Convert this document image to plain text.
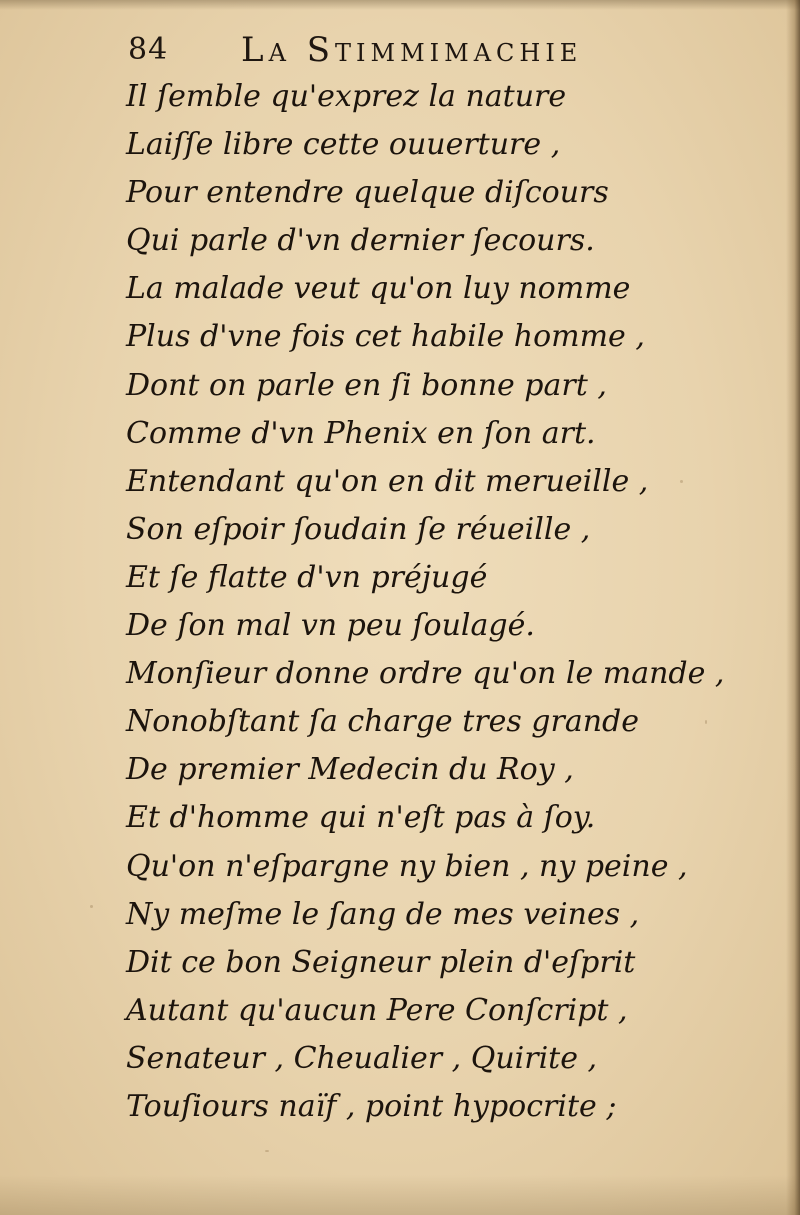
84 La Stimmimachie
Il ſemble qu'exprez la nature
Laiſſe libre cette ouuerture ,
Pour entendre quelque diſcours
Qui parle d'vn dernier ſecours.
La malade veut qu'on luy nomme
Plus d'vne fois cet habile homme ,
Dont on parle en ſi bonne part ,
Comme d'vn Phenix en ſon art.
Entendant qu'on en dit merueille ,
Son eſpoir ſoudain ſe réueille ,
Et ſe flatte d'vn préjugé
De ſon mal vn peu ſoulagé.
Monſieur donne ordre qu'on le mande ,
Nonobſtant ſa charge tres grande
De premier Medecin du Roy ,
Et d'homme qui n'eſt pas à ſoy.
Qu'on n'eſpargne ny bien , ny peine ,
Ny meſme le ſang de mes veines ,
Dit ce bon Seigneur plein d'eſprit
Autant qu'aucun Pere Conſcript ,
Senateur , Cheualier , Quirite ,
Touſiours naïf , point hypocrite ;
